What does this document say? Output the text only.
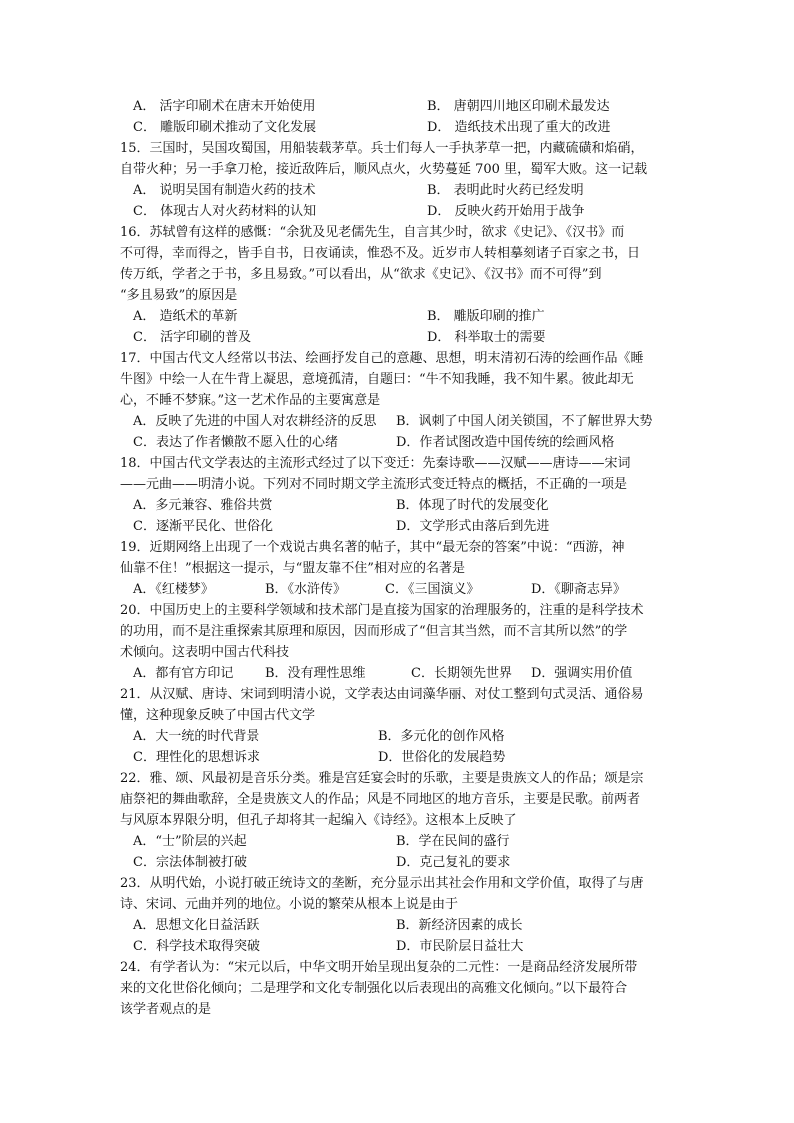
A． 活字印刷术在唐末开始使用	B． 唐朝四川地区印刷术最发达
C． 雕版印刷术推动了文化发展	D． 造纸技术出现了重大的改进
15．三国时，吴国攻蜀国，用船装载茅草。兵士们每人一手执茅草一把，内藏硫磺和焰硝，
自带火种；另一手拿刀枪，接近敌阵后，顺风点火，火势蔓延 700 里，蜀军大败。这一记载
A． 说明吴国有制造火药的技术	B． 表明此时火药已经发明
C． 体现古人对火药材料的认知	D． 反映火药开始用于战争
16．苏轼曾有这样的感慨：“余犹及见老儒先生，自言其少时，欲求《史记》、《汉书》而
不可得，幸而得之，皆手自书，日夜诵读，惟恐不及。近岁市人转相摹刻诸子百家之书，日
传万纸，学者之于书，多且易致。”可以看出，从“欲求《史记》、《汉书》而不可得”到
“多且易致”的原因是
A． 造纸术的革新	B． 雕版印刷的推广
C． 活字印刷的普及	D． 科举取士的需要
17．中国古代文人经常以书法、绘画抒发自己的意趣、思想，明末清初石涛的绘画作品《睡
牛图》中绘一人在牛背上凝思，意境孤清，自题曰：“牛不知我睡，我不知牛累。彼此却无
心，不睡不梦寐。”这一艺术作品的主要寓意是
A．反映了先进的中国人对农耕经济的反思	B．讽刺了中国人闭关锁国，不了解世界大势
C．表达了作者懒散不愿入仕的心绪	D．作者试图改造中国传统的绘画风格
18．中国古代文学表达的主流形式经过了以下变迁：先秦诗歌——汉赋——唐诗——宋词
——元曲——明清小说。下列对不同时期文学主流形式变迁特点的概括，不正确的一项是
A．多元兼容、雅俗共赏	B．体现了时代的发展变化
C．逐渐平民化、世俗化	D．文学形式由落后到先进
19．近期网络上出现了一个戏说古典名著的帖子，其中“最无奈的答案”中说：“西游，神
仙靠不住！”根据这一提示，与“盟友靠不住”相对应的名著是
A．《红楼梦》	B．《水浒传》	C．《三国演义》	D．《聊斋志异》
20．中国历史上的主要科学领域和技术部门是直接为国家的治理服务的，注重的是科学技术
的功用，而不是注重探索其原理和原因，因而形成了“但言其当然，而不言其所以然”的学
术倾向。这表明中国古代科技
A．都有官方印记	B．没有理性思维	C．长期领先世界	D．强调实用价值
21．从汉赋、唐诗、宋词到明清小说，文学表达由词藻华丽、对仗工整到句式灵活、通俗易
懂，这种现象反映了中国古代文学
A．大一统的时代背景	B．多元化的创作风格
C．理性化的思想诉求	D．世俗化的发展趋势
22．雅、颂、风最初是音乐分类。雅是宫廷宴会时的乐歌，主要是贵族文人的作品；颂是宗
庙祭祀的舞曲歌辞，全是贵族文人的作品；风是不同地区的地方音乐，主要是民歌。前两者
与风原本界限分明，但孔子却将其一起编入《诗经》。这根本上反映了
A．“士”阶层的兴起	B．学在民间的盛行
C．宗法体制被打破	D．克己复礼的要求
23．从明代始，小说打破正统诗文的垄断，充分显示出其社会作用和文学价值，取得了与唐
诗、宋词、元曲并列的地位。小说的繁荣从根本上说是由于
A．思想文化日益活跃	B．新经济因素的成长
C．科学技术取得突破	D．市民阶层日益壮大
24．有学者认为：“宋元以后，中华文明开始呈现出复杂的二元性：一是商品经济发展所带
来的文化世俗化倾向；二是理学和文化专制强化以后表现出的高雅文化倾向。”以下最符合
该学者观点的是
